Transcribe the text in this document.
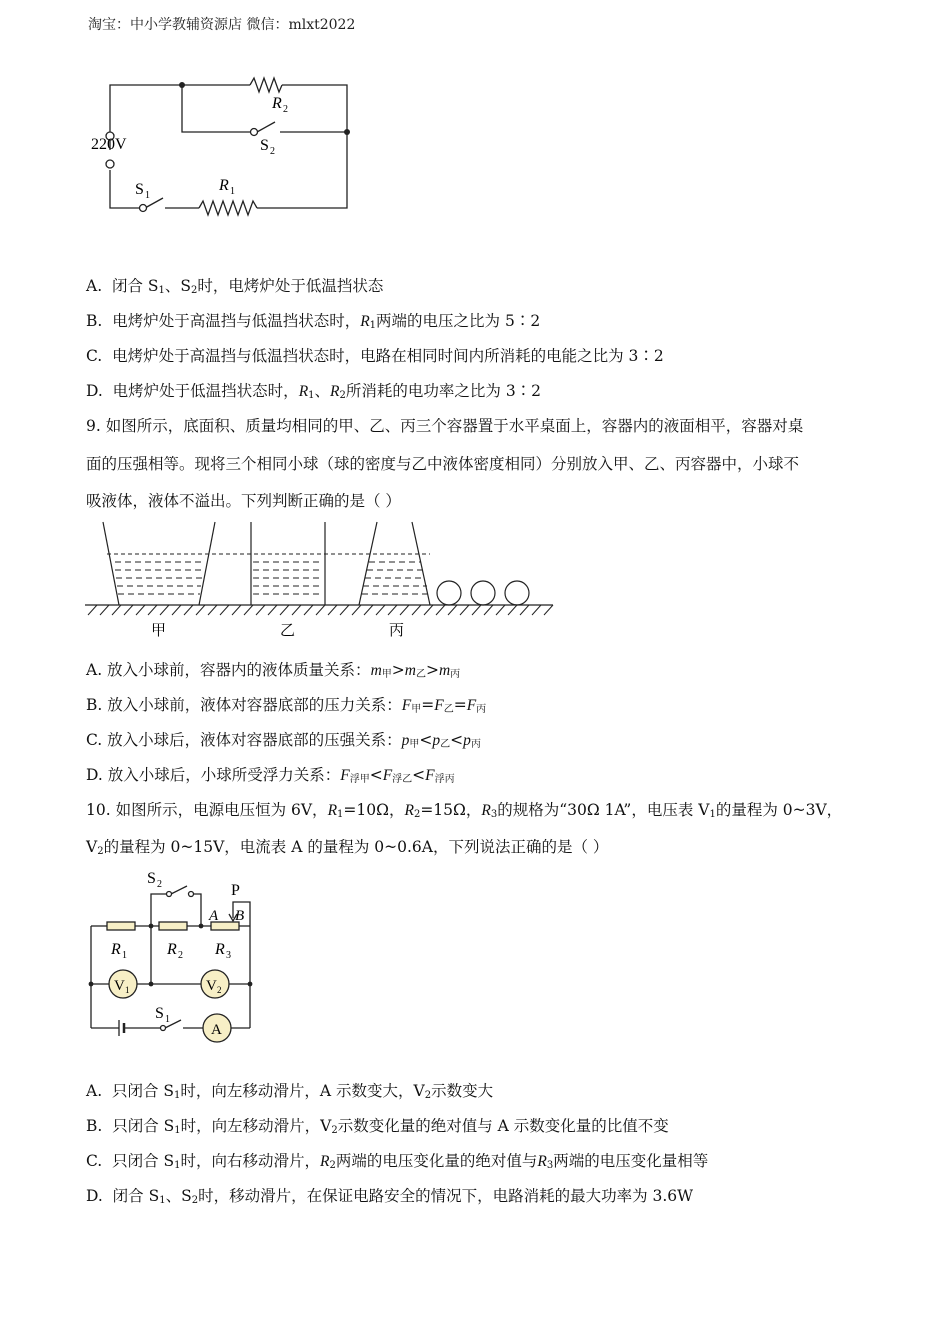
淘宝：中小学教辅资源店 微信：mlxt2022
220V
R 2
S 2
R 1
S 1
A. 闭合 $S_1$、$S_2$时，电烤炉处于低温挡状态
B. 电烤炉处于高温挡与低温挡状态时，$R_1$两端的电压之比为 5∶2
C. 电烤炉处于高温挡与低温挡状态时，电路在相同时间内所消耗的电能之比为 3∶2
D. 电烤炉处于低温挡状态时，$R_1$、$R_2$所消耗的电功率之比为 3∶2
9. 如图所示，底面积、质量均相同的甲、乙、丙三个容器置于水平桌面上，容器内的液面相平，容器对桌
面的压强相等。现将三个相同小球（球的密度与乙中液体密度相同）分别放入甲、乙、丙容器中，小球不
吸液体，液体不溢出。下列判断正确的是（ ）
甲	乙	丙
A. 放入小球前，容器内的液体质量关系：$m_甲>m_乙>m_丙$
B. 放入小球前，液体对容器底部的压力关系：$F_甲=F_乙=F_丙$
C. 放入小球后，液体对容器底部的压强关系：$p_甲<p_乙<p_丙$
D. 放入小球后，小球所受浮力关系：$F_{浮甲}<F_{浮乙}<F_{浮丙}$
10. 如图所示，电源电压恒为 6V，$R_1=10\Omega$，$R_2=15\Omega$，$R_3$的规格为“30Ω 1A”，电压表 $V_1$的量程为 0~3V，
$V_2$的量程为 0~15V，电流表 A 的量程为 0~0.6A，下列说法正确的是（ ）
S 2	P
A B
R 1	R 2 R 3
V 1	V 2
S 1
A
A. 只闭合 $S_1$时，向左移动滑片，A 示数变大，$V_2$示数变大
B. 只闭合 $S_1$时，向左移动滑片，$V_2$示数变化量的绝对值与 A 示数变化量的比值不变
C. 只闭合 $S_1$时，向右移动滑片，$R_2$两端的电压变化量的绝对值与$R_3$两端的电压变化量相等
D. 闭合 $S_1$、$S_2$时，移动滑片，在保证电路安全的情况下，电路消耗的最大功率为 3.6W
